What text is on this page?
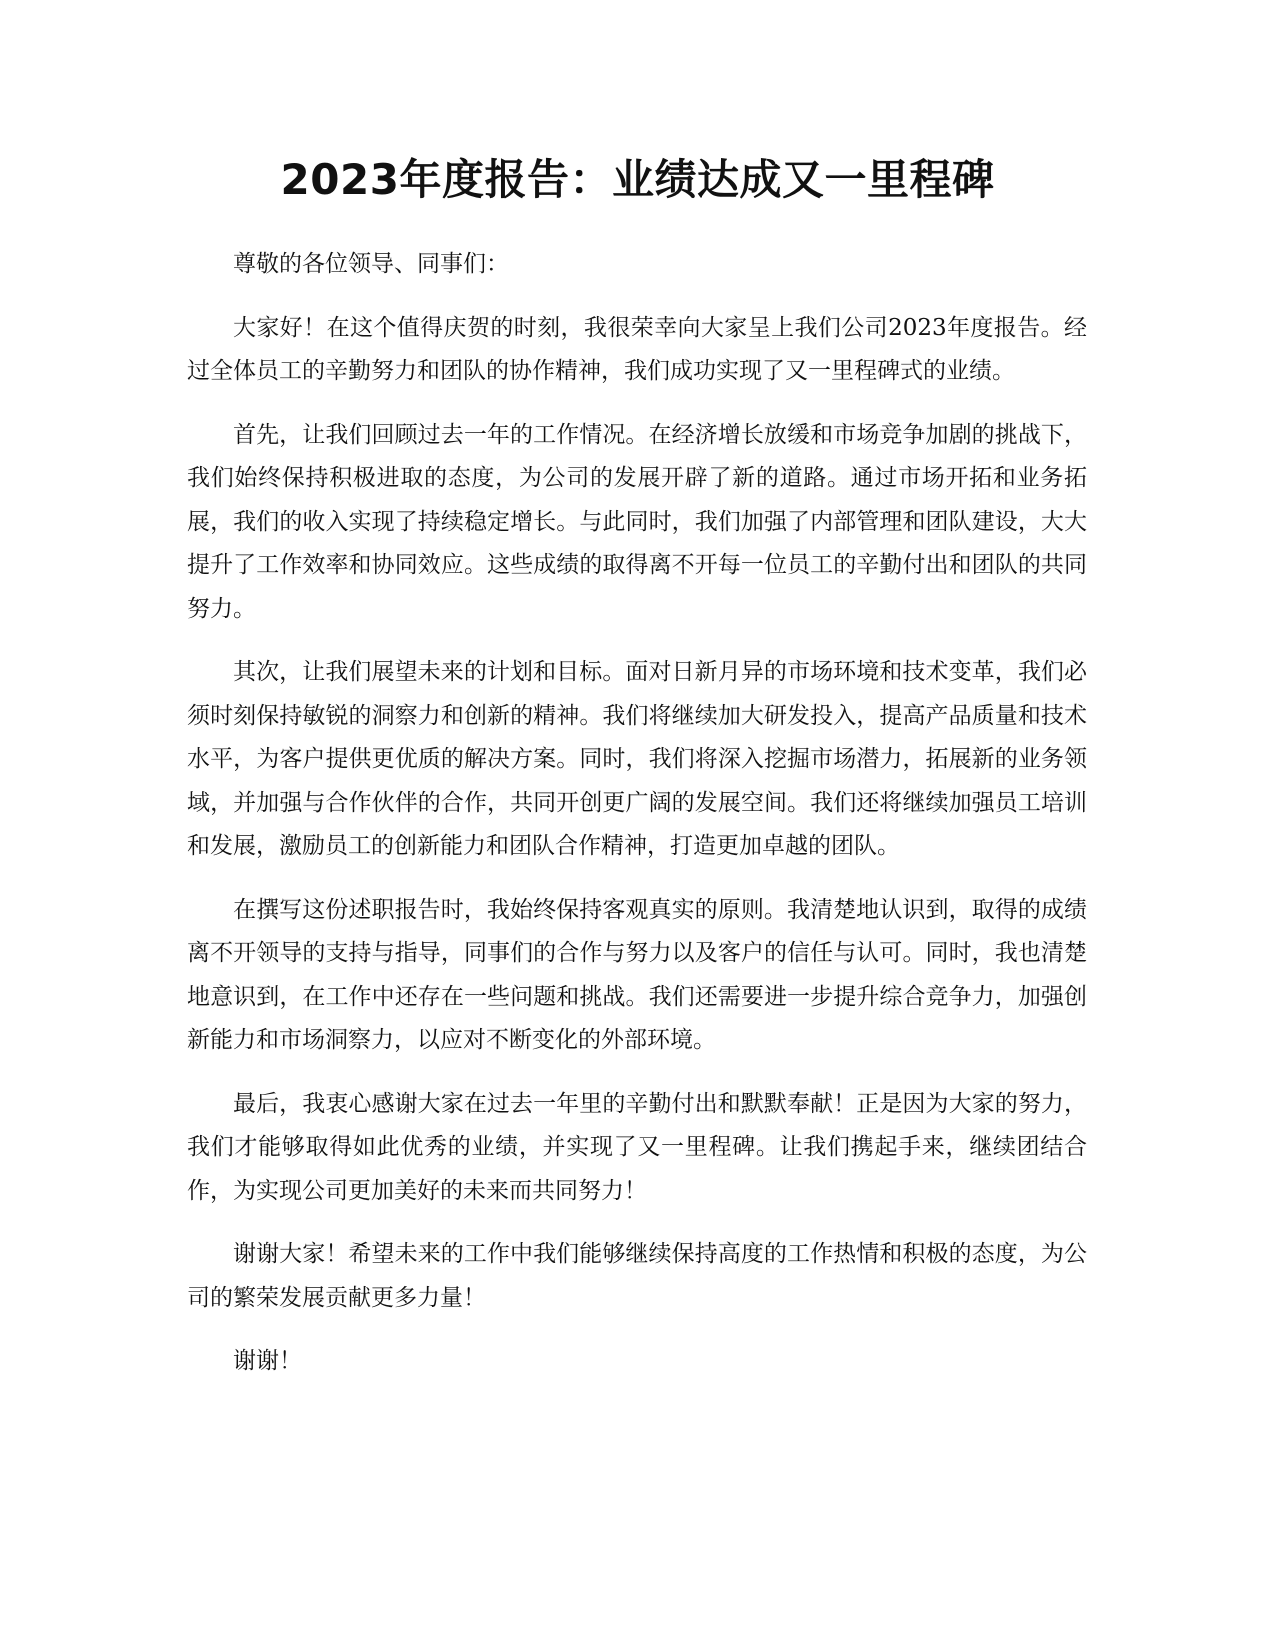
2023年度报告：业绩达成又一里程碑

尊敬的各位领导、同事们：

大家好！在这个值得庆贺的时刻，我很荣幸向大家呈上我们公司2023年度报告。经过全体员工的辛勤努力和团队的协作精神，我们成功实现了又一里程碑式的业绩。

首先，让我们回顾过去一年的工作情况。在经济增长放缓和市场竞争加剧的挑战下，我们始终保持积极进取的态度，为公司的发展开辟了新的道路。通过市场开拓和业务拓展，我们的收入实现了持续稳定增长。与此同时，我们加强了内部管理和团队建设，大大提升了工作效率和协同效应。这些成绩的取得离不开每一位员工的辛勤付出和团队的共同努力。

其次，让我们展望未来的计划和目标。面对日新月异的市场环境和技术变革，我们必须时刻保持敏锐的洞察力和创新的精神。我们将继续加大研发投入，提高产品质量和技术水平，为客户提供更优质的解决方案。同时，我们将深入挖掘市场潜力，拓展新的业务领域，并加强与合作伙伴的合作，共同开创更广阔的发展空间。我们还将继续加强员工培训和发展，激励员工的创新能力和团队合作精神，打造更加卓越的团队。

在撰写这份述职报告时，我始终保持客观真实的原则。我清楚地认识到，取得的成绩离不开领导的支持与指导，同事们的合作与努力以及客户的信任与认可。同时，我也清楚地意识到，在工作中还存在一些问题和挑战。我们还需要进一步提升综合竞争力，加强创新能力和市场洞察力，以应对不断变化的外部环境。

最后，我衷心感谢大家在过去一年里的辛勤付出和默默奉献！正是因为大家的努力，我们才能够取得如此优秀的业绩，并实现了又一里程碑。让我们携起手来，继续团结合作，为实现公司更加美好的未来而共同努力！

谢谢大家！希望未来的工作中我们能够继续保持高度的工作热情和积极的态度，为公司的繁荣发展贡献更多力量！

谢谢！
